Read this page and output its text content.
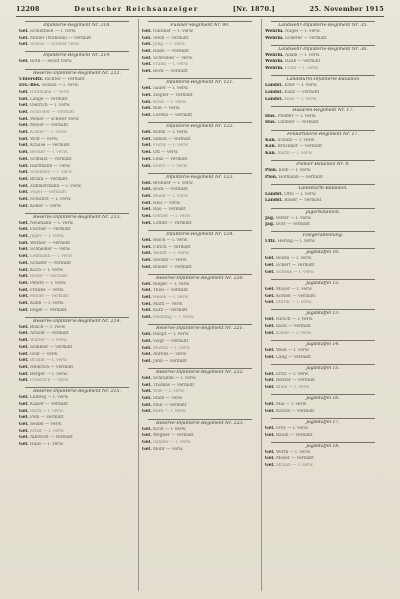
12208	Deutscher Reichsanzeiger	[Nr. 1870.]	25. November 1915
Infanterie-Regiment Nr. 218.
Gef. Schultheiß — l. verw.
Gef. Müller (Wilhelm) — vermißt
Gef. Scholz — schwer verw.
Infanterie-Regiment Nr. 219.
Gef. Roth — leicht verw.
Reserve-Infanterie-Regiment Nr. 212.
Unteroffz. Richter — vermißt
Ers.-Res. Schulz — l. verw.
Gef. Hoffmann — verw.
Gef. Lange — vermißt
Gef. Dietrich — l. verw.
Gef. Schröder — vermißt
Gef. Weber — schwer verw.
Gef. Meyer — vermißt
Gef. Köhler — l. verw.
Gef. Wolf — verw.
Gef. Krause — vermißt
Gef. Becker — l. verw.
Gef. Schmitz — vermißt
Gef. Hartmann — verw.
Gef. Schubert — l. verw.
Gef. Braun — vermißt
Gef. Zimmermann — l. verw.
Gef. Vogel — vermißt
Gef. Schwarz — l. verw.
Gef. Keller — verw.
Reserve-Infanterie-Regiment Nr. 213.
Gef. Neumann — l. verw.
Gef. Fischer — vermißt
Gef. Jäger — l. verw.
Gef. Werner — vermißt
Gef. Schneider — verw.
Gef. Lehmann — l. verw.
Gef. Schäfer — vermißt
Gef. Koch — l. verw.
Gef. Bauer — vermißt
Gef. Peters — l. verw.
Gef. Franke — verw.
Gef. Möller — vermißt
Gef. Kühn — l. verw.
Gef. Engel — vermißt
Reserve-Infanterie-Regiment Nr. 214.
Gef. Busch — l. verw.
Gef. Arnold — vermißt
Gef. Winter — l. verw.
Gef. Sommer — vermißt
Gef. Graf — verw.
Gef. Brandt — l. verw.
Gef. Heinrich — vermißt
Gef. Berger — l. verw.
Gef. Friedrich — verw.
Reserve-Infanterie-Regiment Nr. 215.
Gef. Ludwig — l. verw.
Gef. Kaiser — vermißt
Gef. Horn — l. verw.
Gef. Pohl — vermißt
Gef. Seidel — verw.
Gef. Ernst — l. verw.
Gef. Albrecht — vermißt
Gef. Haas — l. verw.
Füsilier-Regiment Nr. 90.
Gef. Günther — l. verw.
Gef. Stein — vermißt
Gef. Jung — l. verw.
Gef. Hahn — vermißt
Gef. Schreiber — verw.
Gef. Frank — l. verw.
Gef. Beck — vermißt
Infanterie-Regiment Nr. 121.
Gef. Sauer — l. verw.
Gef. Ziegler — vermißt
Gef. Kraft — l. verw.
Gef. Roß — verw.
Gef. Lorenz — vermißt
Infanterie-Regiment Nr. 122.
Gef. Böhm — l. verw.
Gef. Simon — vermißt
Gef. Fuchs — l. verw.
Gef. Ott — verw.
Gef. Lenz — vermißt
Gef. Ebert — l. verw.
Infanterie-Regiment Nr. 123.
Gef. Brenner — l. verw.
Gef. Bock — vermißt
Gef. Maier — l. verw.
Gef. Heil — verw.
Gef. Rau — vermißt
Gef. Gerber — l. verw.
Gef. Löffler — vermißt
Infanterie-Regiment Nr. 124.
Gef. Reich — l. verw.
Gef. Ulrich — vermißt
Gef. Wendt — l. verw.
Gef. Decker — verw.
Gef. Bühler — vermißt
Reserve-Infanterie-Regiment Nr. 220.
Gef. Rieger — l. verw.
Gef. Thiel — vermißt
Gef. Hesse — l. verw.
Gef. Marx — verw.
Gef. Kurz — vermißt
Gef. Henning — l. verw.
Reserve-Infanterie-Regiment Nr. 221.
Gef. Haupt — l. verw.
Gef. Voigt — vermißt
Gef. Martin — l. verw.
Gef. Ahrens — verw.
Gef. Jahn — vermißt
Reserve-Infanterie-Regiment Nr. 222.
Gef. Schramm — l. verw.
Gef. Thomas — vermißt
Gef. Witt — l. verw.
Gef. Stahl — verw.
Gef. Paul — vermißt
Gef. Kern — l. verw.
Reserve-Infanterie-Regiment Nr. 223.
Gef. Kroll — l. verw.
Gef. Wegner — vermißt
Gef. Sander — l. verw.
Gef. Mohr — verw.
Landwehr-Infanterie-Regiment Nr. 35.
Wehrm. Nagel — l. verw.
Wehrm. Scherer — vermißt
Landwehr-Infanterie-Regiment Nr. 36.
Wehrm. Adam — l. verw.
Wehrm. Raab — vermißt
Wehrm. Funk — l. verw.
Landsturm-Infanterie-Bataillon
Landst. Eder — l. verw.
Landst. Kunz — vermißt
Landst. Hinz — l. verw.
Husaren-Regiment Nr. 17.
Hus. Pfeiffer — l. verw.
Hus. Lindner — vermißt
Feldartillerie-Regiment Nr. 17.
Kan. Schütz — l. verw.
Kan. Brückner — vermißt
Kan. Barth — l. verw.
Pionier-Bataillon Nr. 9.
Pion. Kolb — l. verw.
Pion. Hofmann — vermißt
Landsturm-Bataillon.
Landst. Otto — l. verw.
Landst. Bader — vermißt
Jägerbataillon.
Jäg. Vetter — l. verw.
Jäg. Dörr — vermißt
Fliegerabteilung.
Uffz. Hering — l. verw.
Jagdstaffel 10.
Gef. Rosen — l. verw.
Gef. Eckert — vermißt
Gef. Schenk — l. verw.
Jagdstaffel 12.
Gef. Mayer — l. verw.
Gef. Körner — vermißt
Gef. Sturm — l. verw.
Jagdstaffel 13.
Gef. Hirsch — l. verw.
Gef. Bach — vermißt
Gef. Kiefer — l. verw.
Jagdstaffel 14.
Gef. Weiß — l. verw.
Gef. Lang — vermißt
Jagdstaffel 15.
Gef. Fritz — l. verw.
Gef. Reuter — vermißt
Gef. Blum — l. verw.
Jagdstaffel 16.
Gef. Mai — l. verw.
Gef. Kirsch — vermißt
Jagdstaffel 17.
Gef. Frey — l. verw.
Gef. Baum — vermißt
Jagdstaffel 18.
Gef. Wirth — l. verw.
Gef. Moser — vermißt
Gef. Straub — l. verw.
